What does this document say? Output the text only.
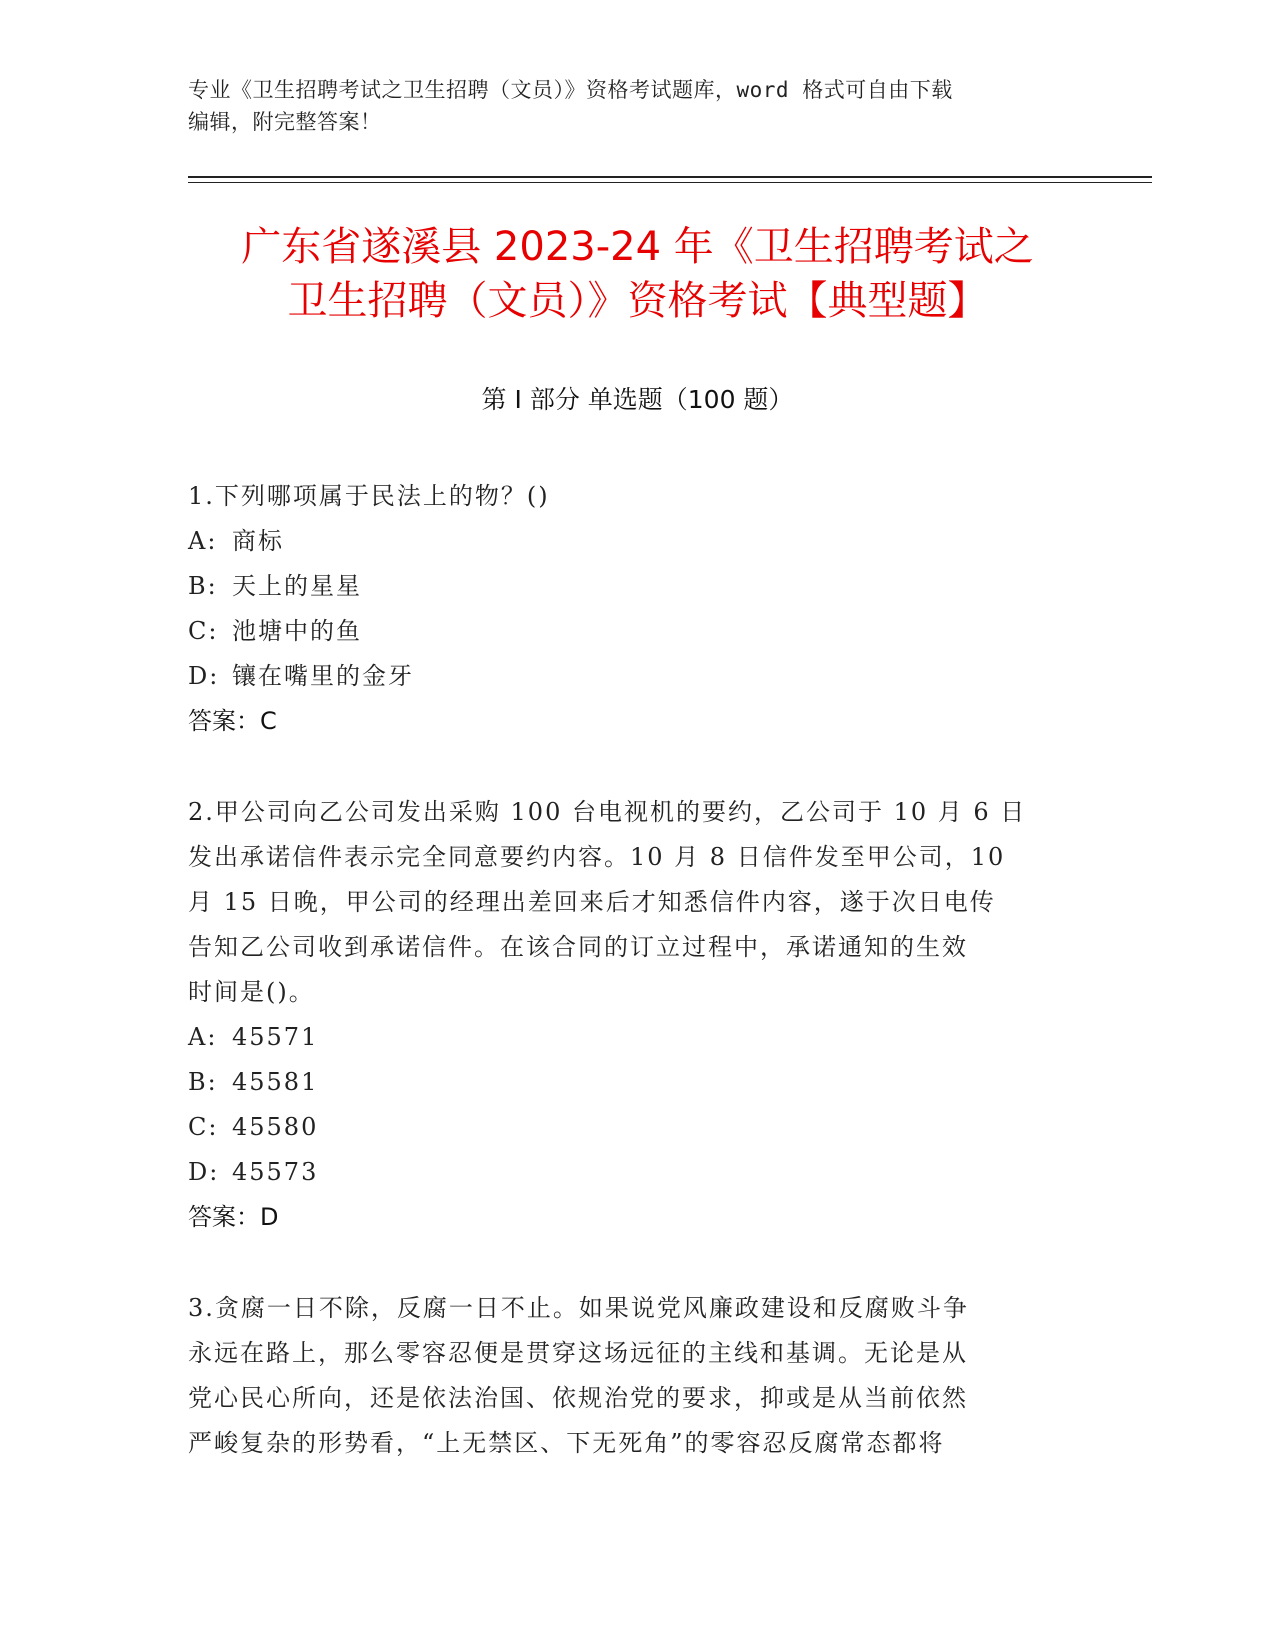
专业《卫生招聘考试之卫生招聘（文员）》资格考试题库，word 格式可自由下载
编辑，附完整答案！
广东省遂溪县 2023-24 年《卫生招聘考试之
卫生招聘（文员）》资格考试【典型题】
第 I 部分 单选题（100 题）
1.下列哪项属于民法上的物？()
A: 商标
B: 天上的星星
C: 池塘中的鱼
D: 镶在嘴里的金牙
答案：C
2.甲公司向乙公司发出采购 100 台电视机的要约，乙公司于 10 月 6 日
发出承诺信件表示完全同意要约内容。10 月 8 日信件发至甲公司，10
月 15 日晚，甲公司的经理出差回来后才知悉信件内容，遂于次日电传
告知乙公司收到承诺信件。在该合同的订立过程中，承诺通知的生效
时间是()。
A: 45571
B: 45581
C: 45580
D: 45573
答案：D
3.贪腐一日不除，反腐一日不止。如果说党风廉政建设和反腐败斗争
永远在路上，那么零容忍便是贯穿这场远征的主线和基调。无论是从
党心民心所向，还是依法治国、依规治党的要求，抑或是从当前依然
严峻复杂的形势看，“上无禁区、下无死角”的零容忍反腐常态都将
